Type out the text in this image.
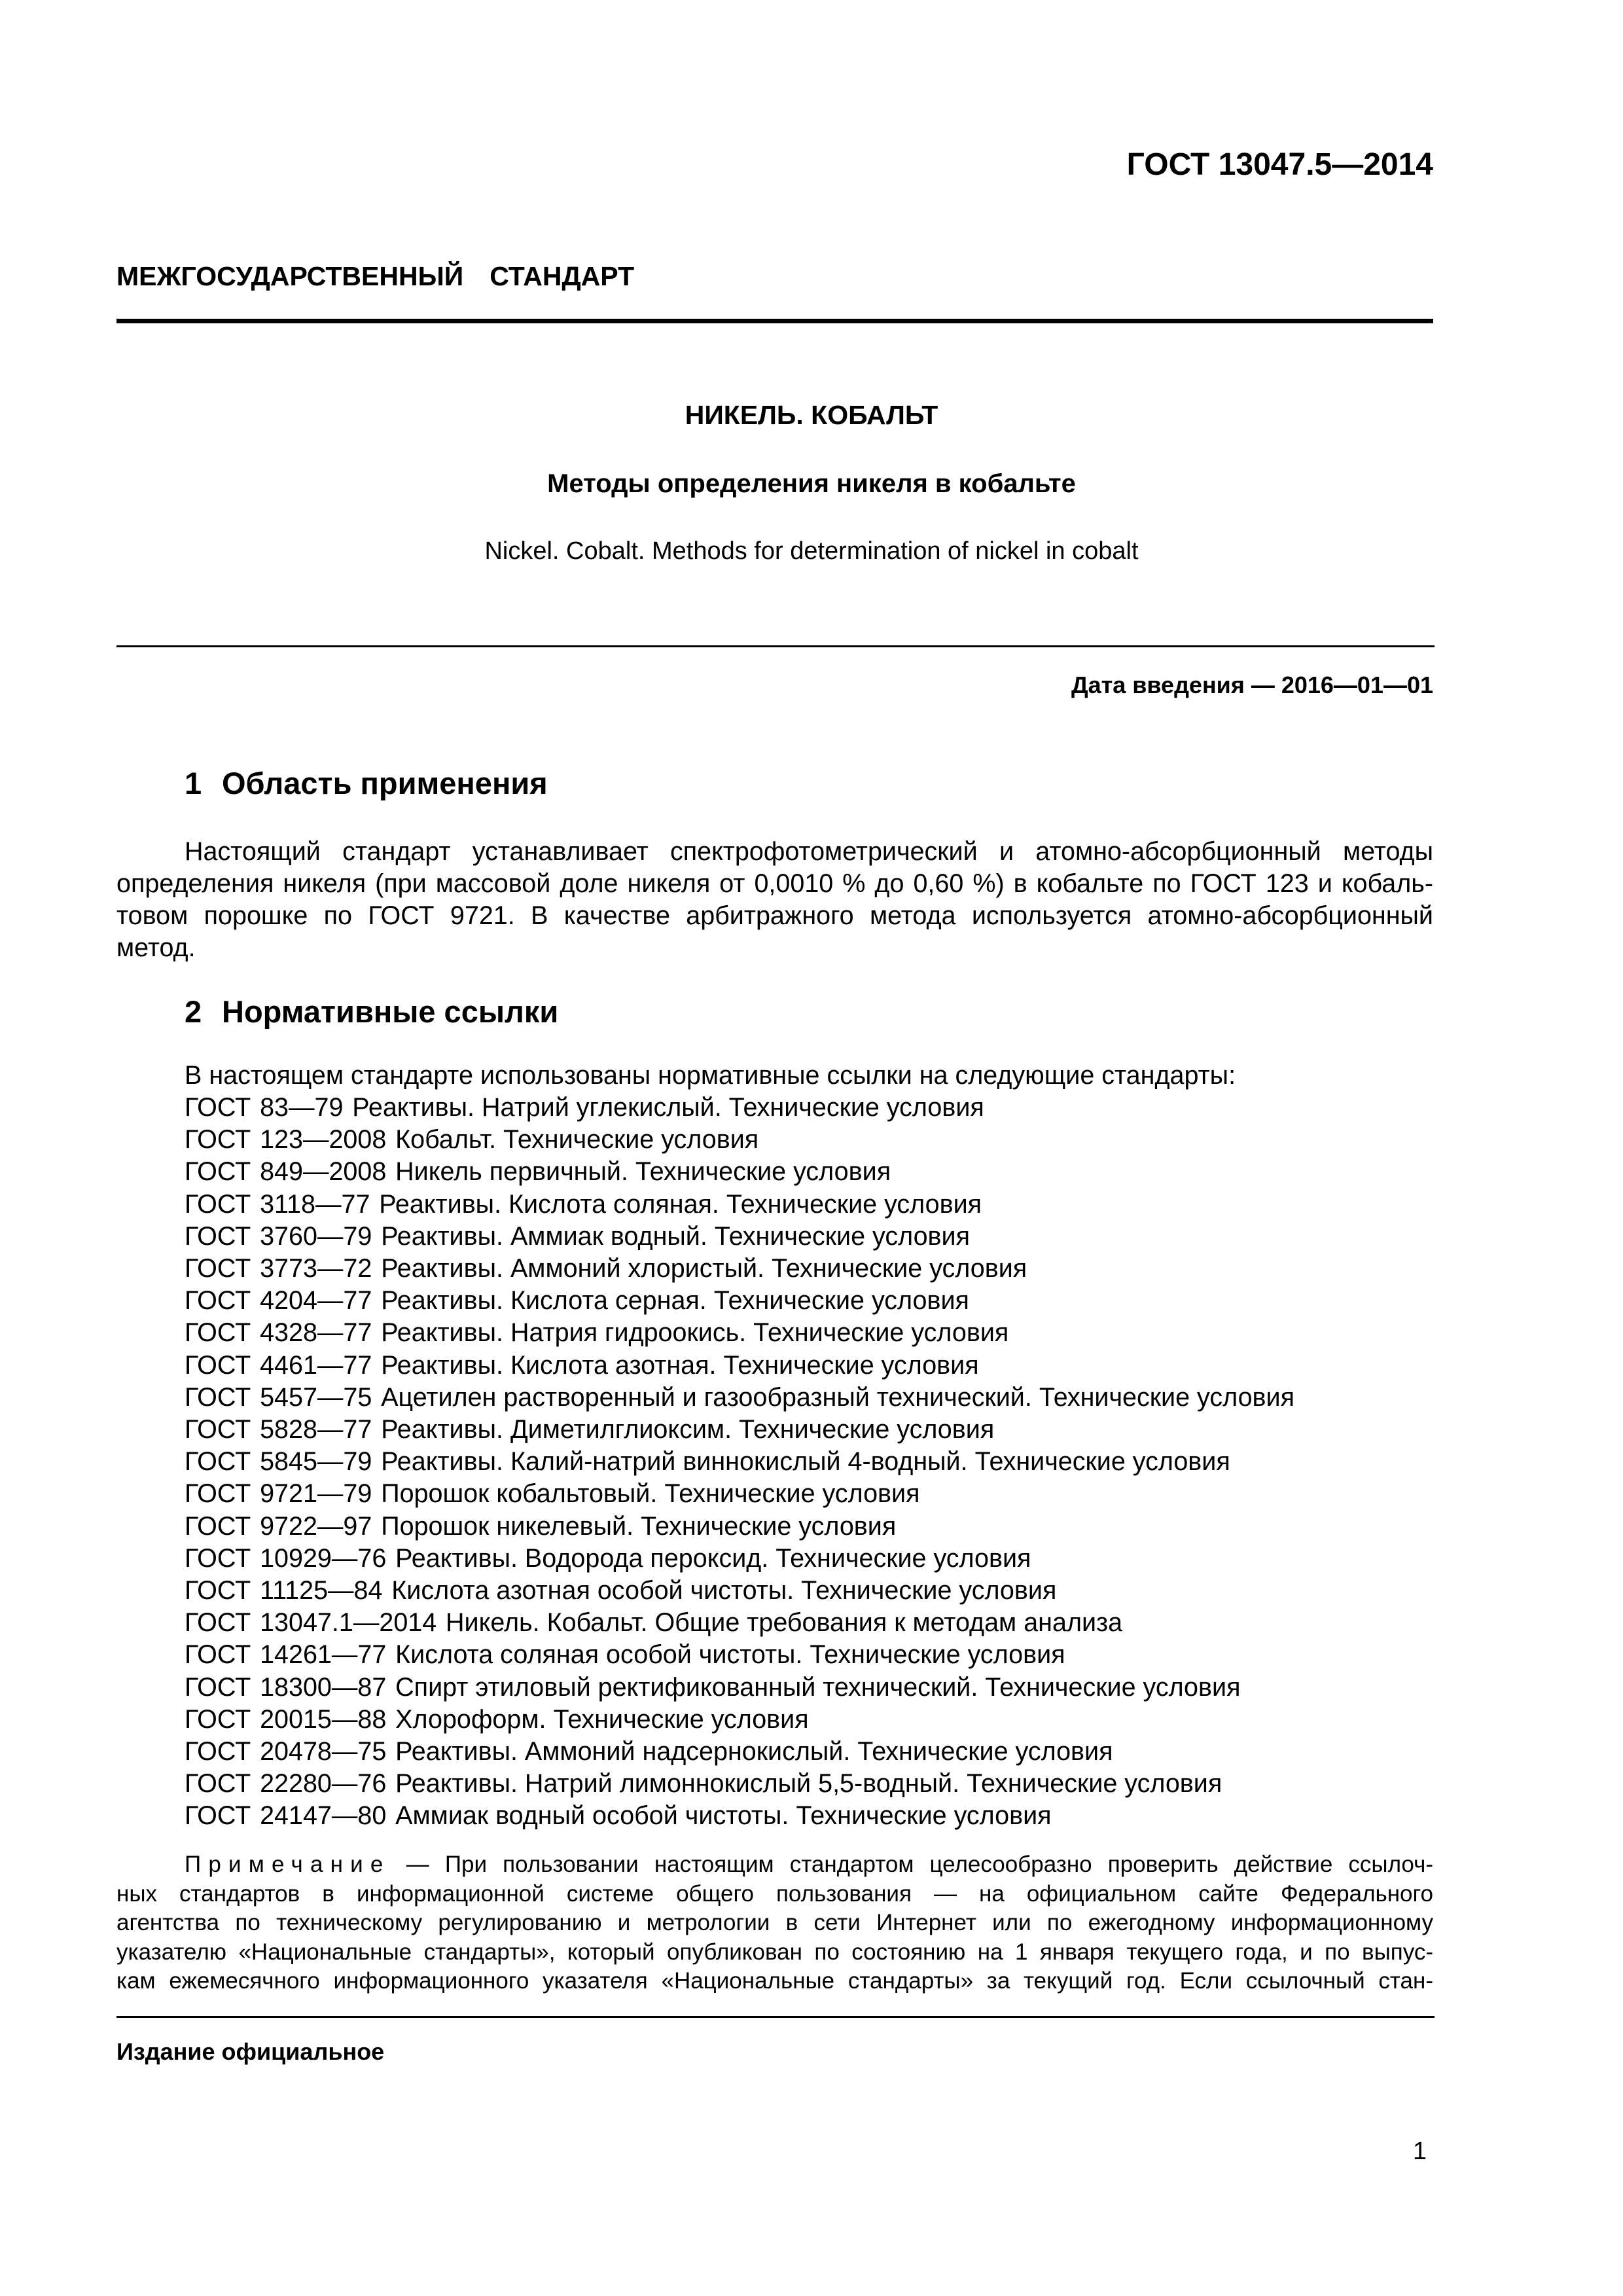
ГОСТ 13047.5—2014
МЕЖГОСУДАРСТВЕННЫЙ СТАНДАРТ
НИКЕЛЬ. КОБАЛЬТ
Методы определения никеля в кобальте
Nickel. Cobalt. Methods for determination of nickel in cobalt
Дата введения — 2016—01—01
1 Область применения
Настоящий стандарт устанавливает спектрофотометрический и атомно-абсорбционный методы
определения никеля (при массовой доле никеля от 0,0010 % до 0,60 %) в кобальте по ГОСТ 123 и кобаль-
товом порошке по ГОСТ 9721. В качестве арбитражного метода используется атомно-абсорбционный
метод.
2 Нормативные ссылки
В настоящем стандарте использованы нормативные ссылки на следующие стандарты:
ГОСТ 83—79 Реактивы. Натрий углекислый. Технические условия
ГОСТ 123—2008 Кобальт. Технические условия
ГОСТ 849—2008 Никель первичный. Технические условия
ГОСТ 3118—77 Реактивы. Кислота соляная. Технические условия
ГОСТ 3760—79 Реактивы. Аммиак водный. Технические условия
ГОСТ 3773—72 Реактивы. Аммоний хлористый. Технические условия
ГОСТ 4204—77 Реактивы. Кислота серная. Технические условия
ГОСТ 4328—77 Реактивы. Натрия гидроокись. Технические условия
ГОСТ 4461—77 Реактивы. Кислота азотная. Технические условия
ГОСТ 5457—75 Ацетилен растворенный и газообразный технический. Технические условия
ГОСТ 5828—77 Реактивы. Диметилглиоксим. Технические условия
ГОСТ 5845—79 Реактивы. Калий-натрий виннокислый 4-водный. Технические условия
ГОСТ 9721—79 Порошок кобальтовый. Технические условия
ГОСТ 9722—97 Порошок никелевый. Технические условия
ГОСТ 10929—76 Реактивы. Водорода пероксид. Технические условия
ГОСТ 11125—84 Кислота азотная особой чистоты. Технические условия
ГОСТ 13047.1—2014 Никель. Кобальт. Общие требования к методам анализа
ГОСТ 14261—77 Кислота соляная особой чистоты. Технические условия
ГОСТ 18300—87 Спирт этиловый ректификованный технический. Технические условия
ГОСТ 20015—88 Хлороформ. Технические условия
ГОСТ 20478—75 Реактивы. Аммоний надсернокислый. Технические условия
ГОСТ 22280—76 Реактивы. Натрий лимоннокислый 5,5-водный. Технические условия
ГОСТ 24147—80 Аммиак водный особой чистоты. Технические условия
Примечание — При пользовании настоящим стандартом целесообразно проверить действие ссылоч-
ных стандартов в информационной системе общего пользования — на официальном сайте Федерального
агентства по техническому регулированию и метрологии в сети Интернет или по ежегодному информационному
указателю «Национальные стандарты», который опубликован по состоянию на 1 января текущего года, и по выпус-
кам ежемесячного информационного указателя «Национальные стандарты» за текущий год. Если ссылочный стан-
Издание официальное
1
